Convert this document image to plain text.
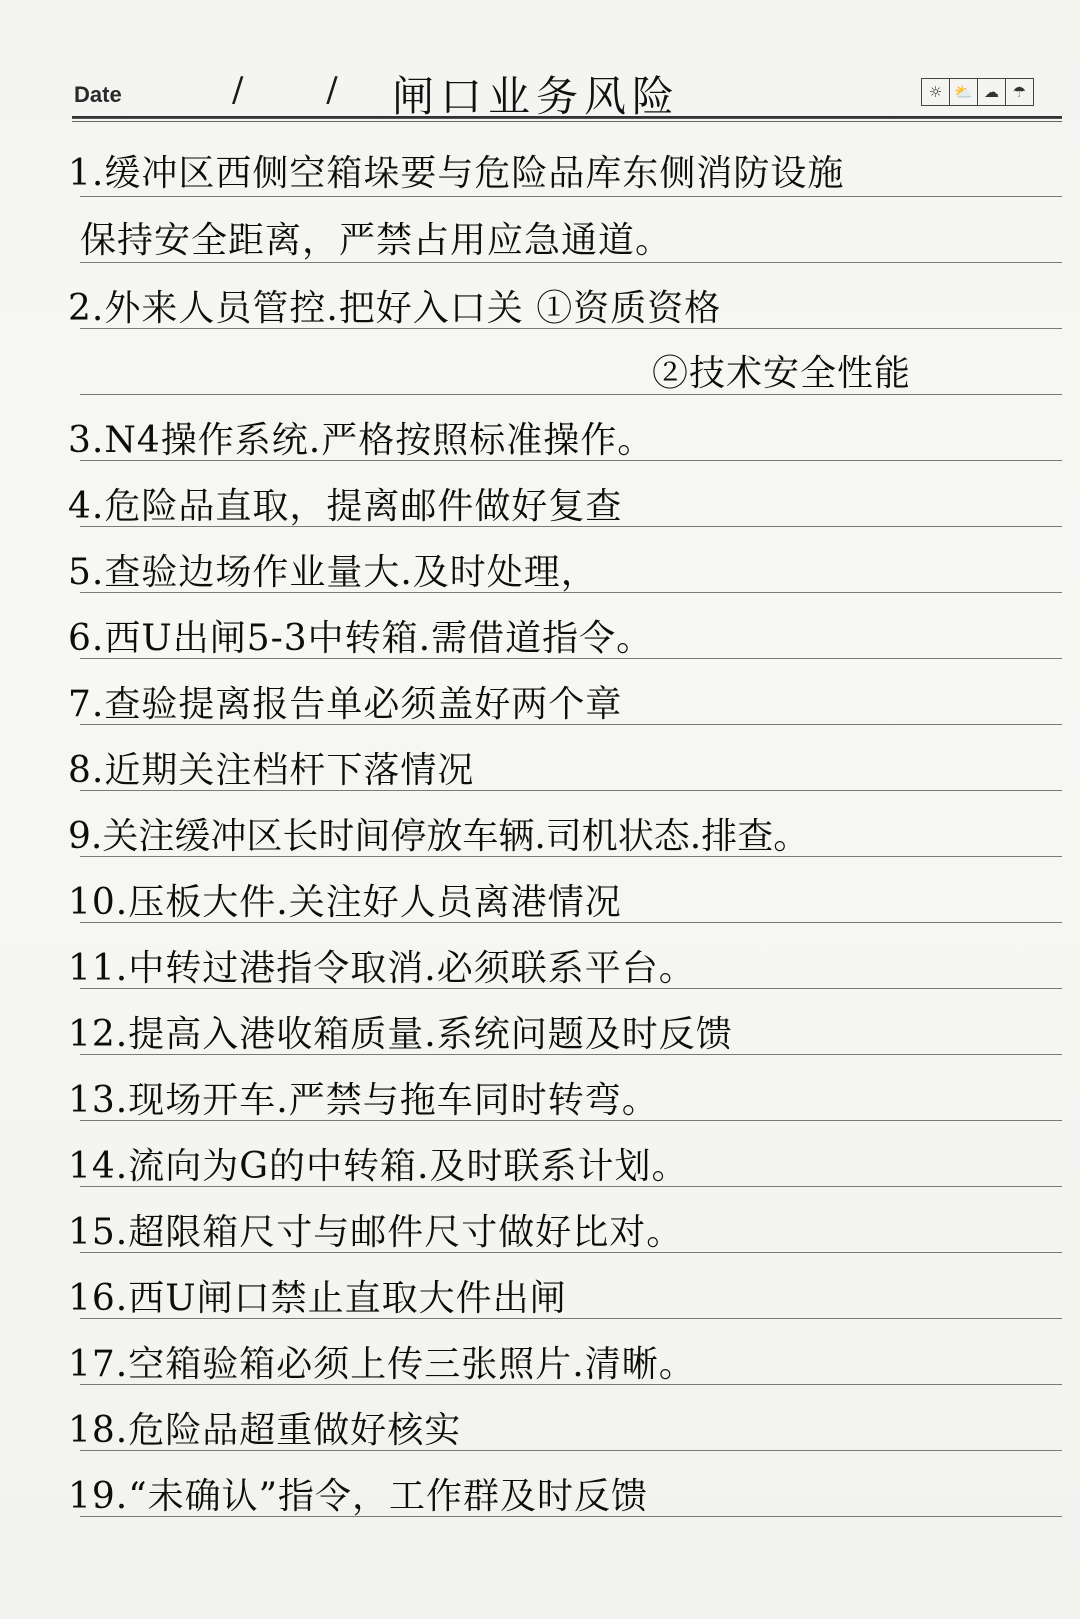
Date	/ / 闸口业务风险	☼ ⛅ ☁ ☂
1.缓冲区西侧空箱垛要与危险品库东侧消防设施
保持安全距离，严禁占用应急通道。
2.外来人员管控.把好入口关 ①资质资格
②技术安全性能
3.N4操作系统.严格按照标准操作。
4.危险品直取，提离邮件做好复查
5.查验边场作业量大.及时处理，
6.西U出闸5-3中转箱.需借道指令。
7.查验提离报告单必须盖好两个章
8.近期关注档杆下落情况
9.关注缓冲区长时间停放车辆.司机状态.排查。
10.压板大件.关注好人员离港情况
11.中转过港指令取消.必须联系平台。
12.提高入港收箱质量.系统问题及时反馈
13.现场开车.严禁与拖车同时转弯。
14.流向为G的中转箱.及时联系计划。
15.超限箱尺寸与邮件尺寸做好比对。
16.西U闸口禁止直取大件出闸
17.空箱验箱必须上传三张照片.清晰。
18.危险品超重做好核实
19.“未确认”指令，工作群及时反馈
